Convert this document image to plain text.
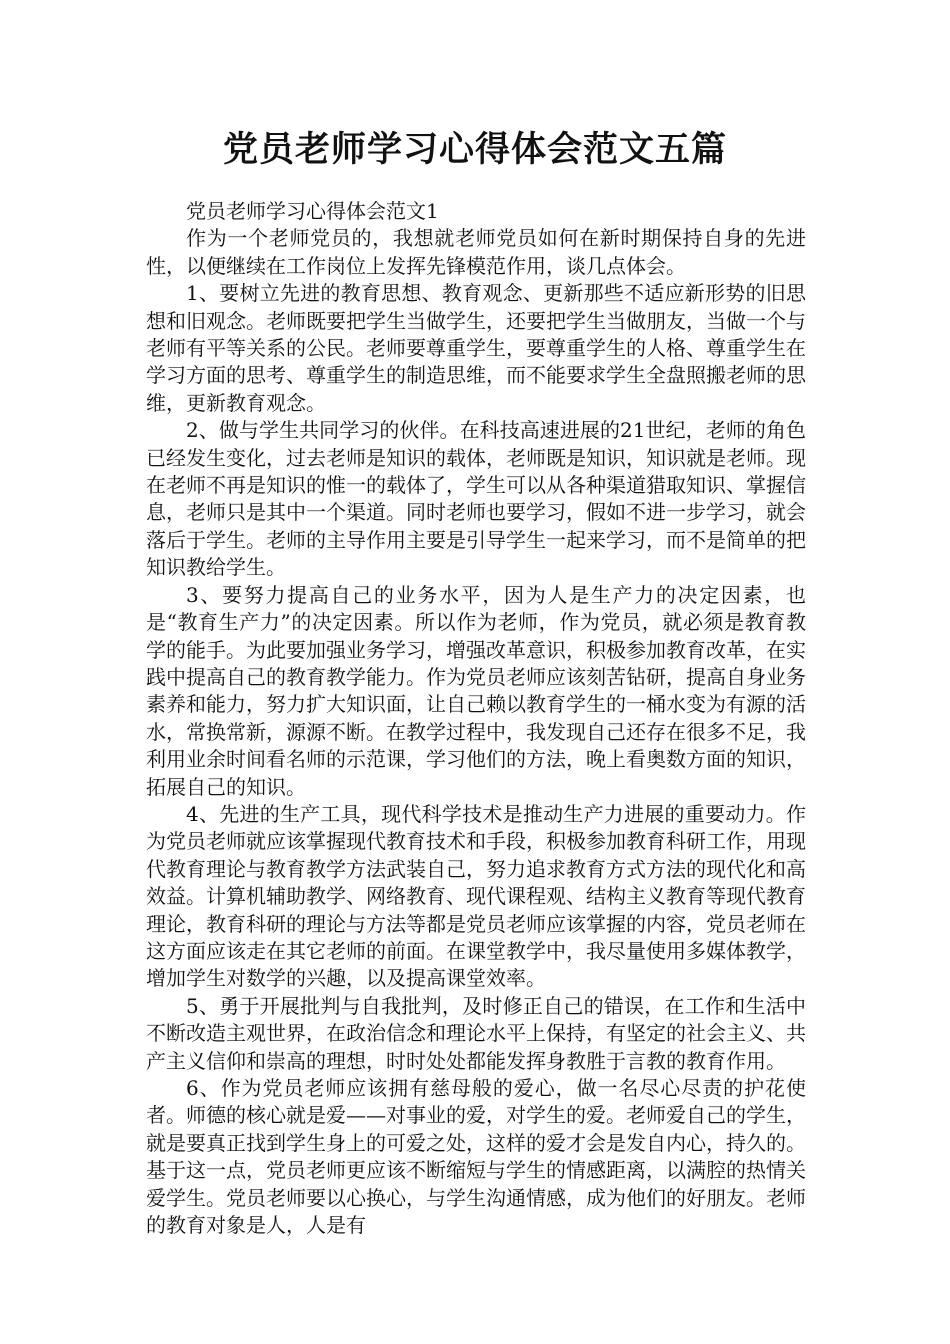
党员老师学习心得体会范文五篇

党员老师学习心得体会范文1

作为一个老师党员的，我想就老师党员如何在新时期保持自身的先进性，以便继续在工作岗位上发挥先锋模范作用，谈几点体会。

1、要树立先进的教育思想、教育观念、更新那些不适应新形势的旧思想和旧观念。老师既要把学生当做学生，还要把学生当做朋友，当做一个与老师有平等关系的公民。老师要尊重学生，要尊重学生的人格、尊重学生在学习方面的思考、尊重学生的制造思维，而不能要求学生全盘照搬老师的思维，更新教育观念。

2、做与学生共同学习的伙伴。在科技高速进展的21世纪，老师的角色已经发生变化，过去老师是知识的载体，老师既是知识，知识就是老师。现在老师不再是知识的惟一的载体了，学生可以从各种渠道猎取知识、掌握信息，老师只是其中一个渠道。同时老师也要学习，假如不进一步学习，就会落后于学生。老师的主导作用主要是引导学生一起来学习，而不是简单的把知识教给学生。

3、要努力提高自己的业务水平，因为人是生产力的决定因素，也是“教育生产力”的决定因素。所以作为老师，作为党员，就必须是教育教学的能手。为此要加强业务学习，增强改革意识，积极参加教育改革，在实践中提高自己的教育教学能力。作为党员老师应该刻苦钻研，提高自身业务素养和能力，努力扩大知识面，让自己赖以教育学生的一桶水变为有源的活水，常换常新，源源不断。在教学过程中，我发现自己还存在很多不足，我利用业余时间看名师的示范课，学习他们的方法，晚上看奥数方面的知识，拓展自己的知识。

4、先进的生产工具，现代科学技术是推动生产力进展的重要动力。作为党员老师就应该掌握现代教育技术和手段，积极参加教育科研工作，用现代教育理论与教育教学方法武装自己，努力追求教育方式方法的现代化和高效益。计算机辅助教学、网络教育、现代课程观、结构主义教育等现代教育理论，教育科研的理论与方法等都是党员老师应该掌握的内容，党员老师在这方面应该走在其它老师的前面。在课堂教学中，我尽量使用多媒体教学，增加学生对数学的兴趣，以及提高课堂效率。

5、勇于开展批判与自我批判，及时修正自己的错误，在工作和生活中不断改造主观世界，在政治信念和理论水平上保持，有坚定的社会主义、共产主义信仰和崇高的理想，时时处处都能发挥身教胜于言教的教育作用。

6、作为党员老师应该拥有慈母般的爱心，做一名尽心尽责的护花使者。师德的核心就是爱——对事业的爱，对学生的爱。老师爱自己的学生，就是要真正找到学生身上的可爱之处，这样的爱才会是发自内心，持久的。基于这一点，党员老师更应该不断缩短与学生的情感距离，以满腔的热情关爱学生。党员老师要以心换心，与学生沟通情感，成为他们的好朋友。老师的教育对象是人，人是有
